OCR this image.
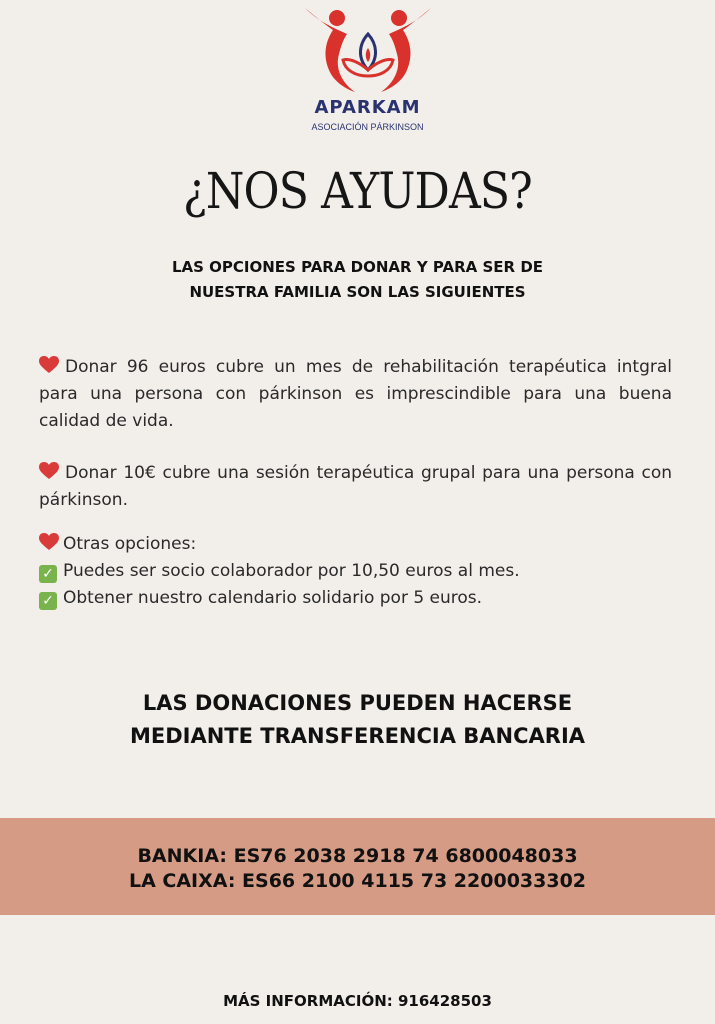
APARKAM
ASOCIACIÓN PÁRKINSON
¿NOS AYUDAS?
LAS OPCIONES PARA DONAR Y PARA SER DE
NUESTRA FAMILIA SON LAS SIGUIENTES
Donar 96 euros cubre un mes de rehabilitación terapéutica intgral para una persona con párkinson es imprescindible para una buena calidad de vida.
Donar 10€ cubre una sesión terapéutica grupal para una persona con párkinson.
Otras opciones:
✓ Puedes ser socio colaborador por 10,50 euros al mes.
✓ Obtener nuestro calendario solidario por 5 euros.
LAS DONACIONES PUEDEN HACERSE
MEDIANTE TRANSFERENCIA BANCARIA
BANKIA: ES76 2038 2918 74 6800048033
LA CAIXA: ES66 2100 4115 73 2200033302
MÁS INFORMACIÓN: 916428503
